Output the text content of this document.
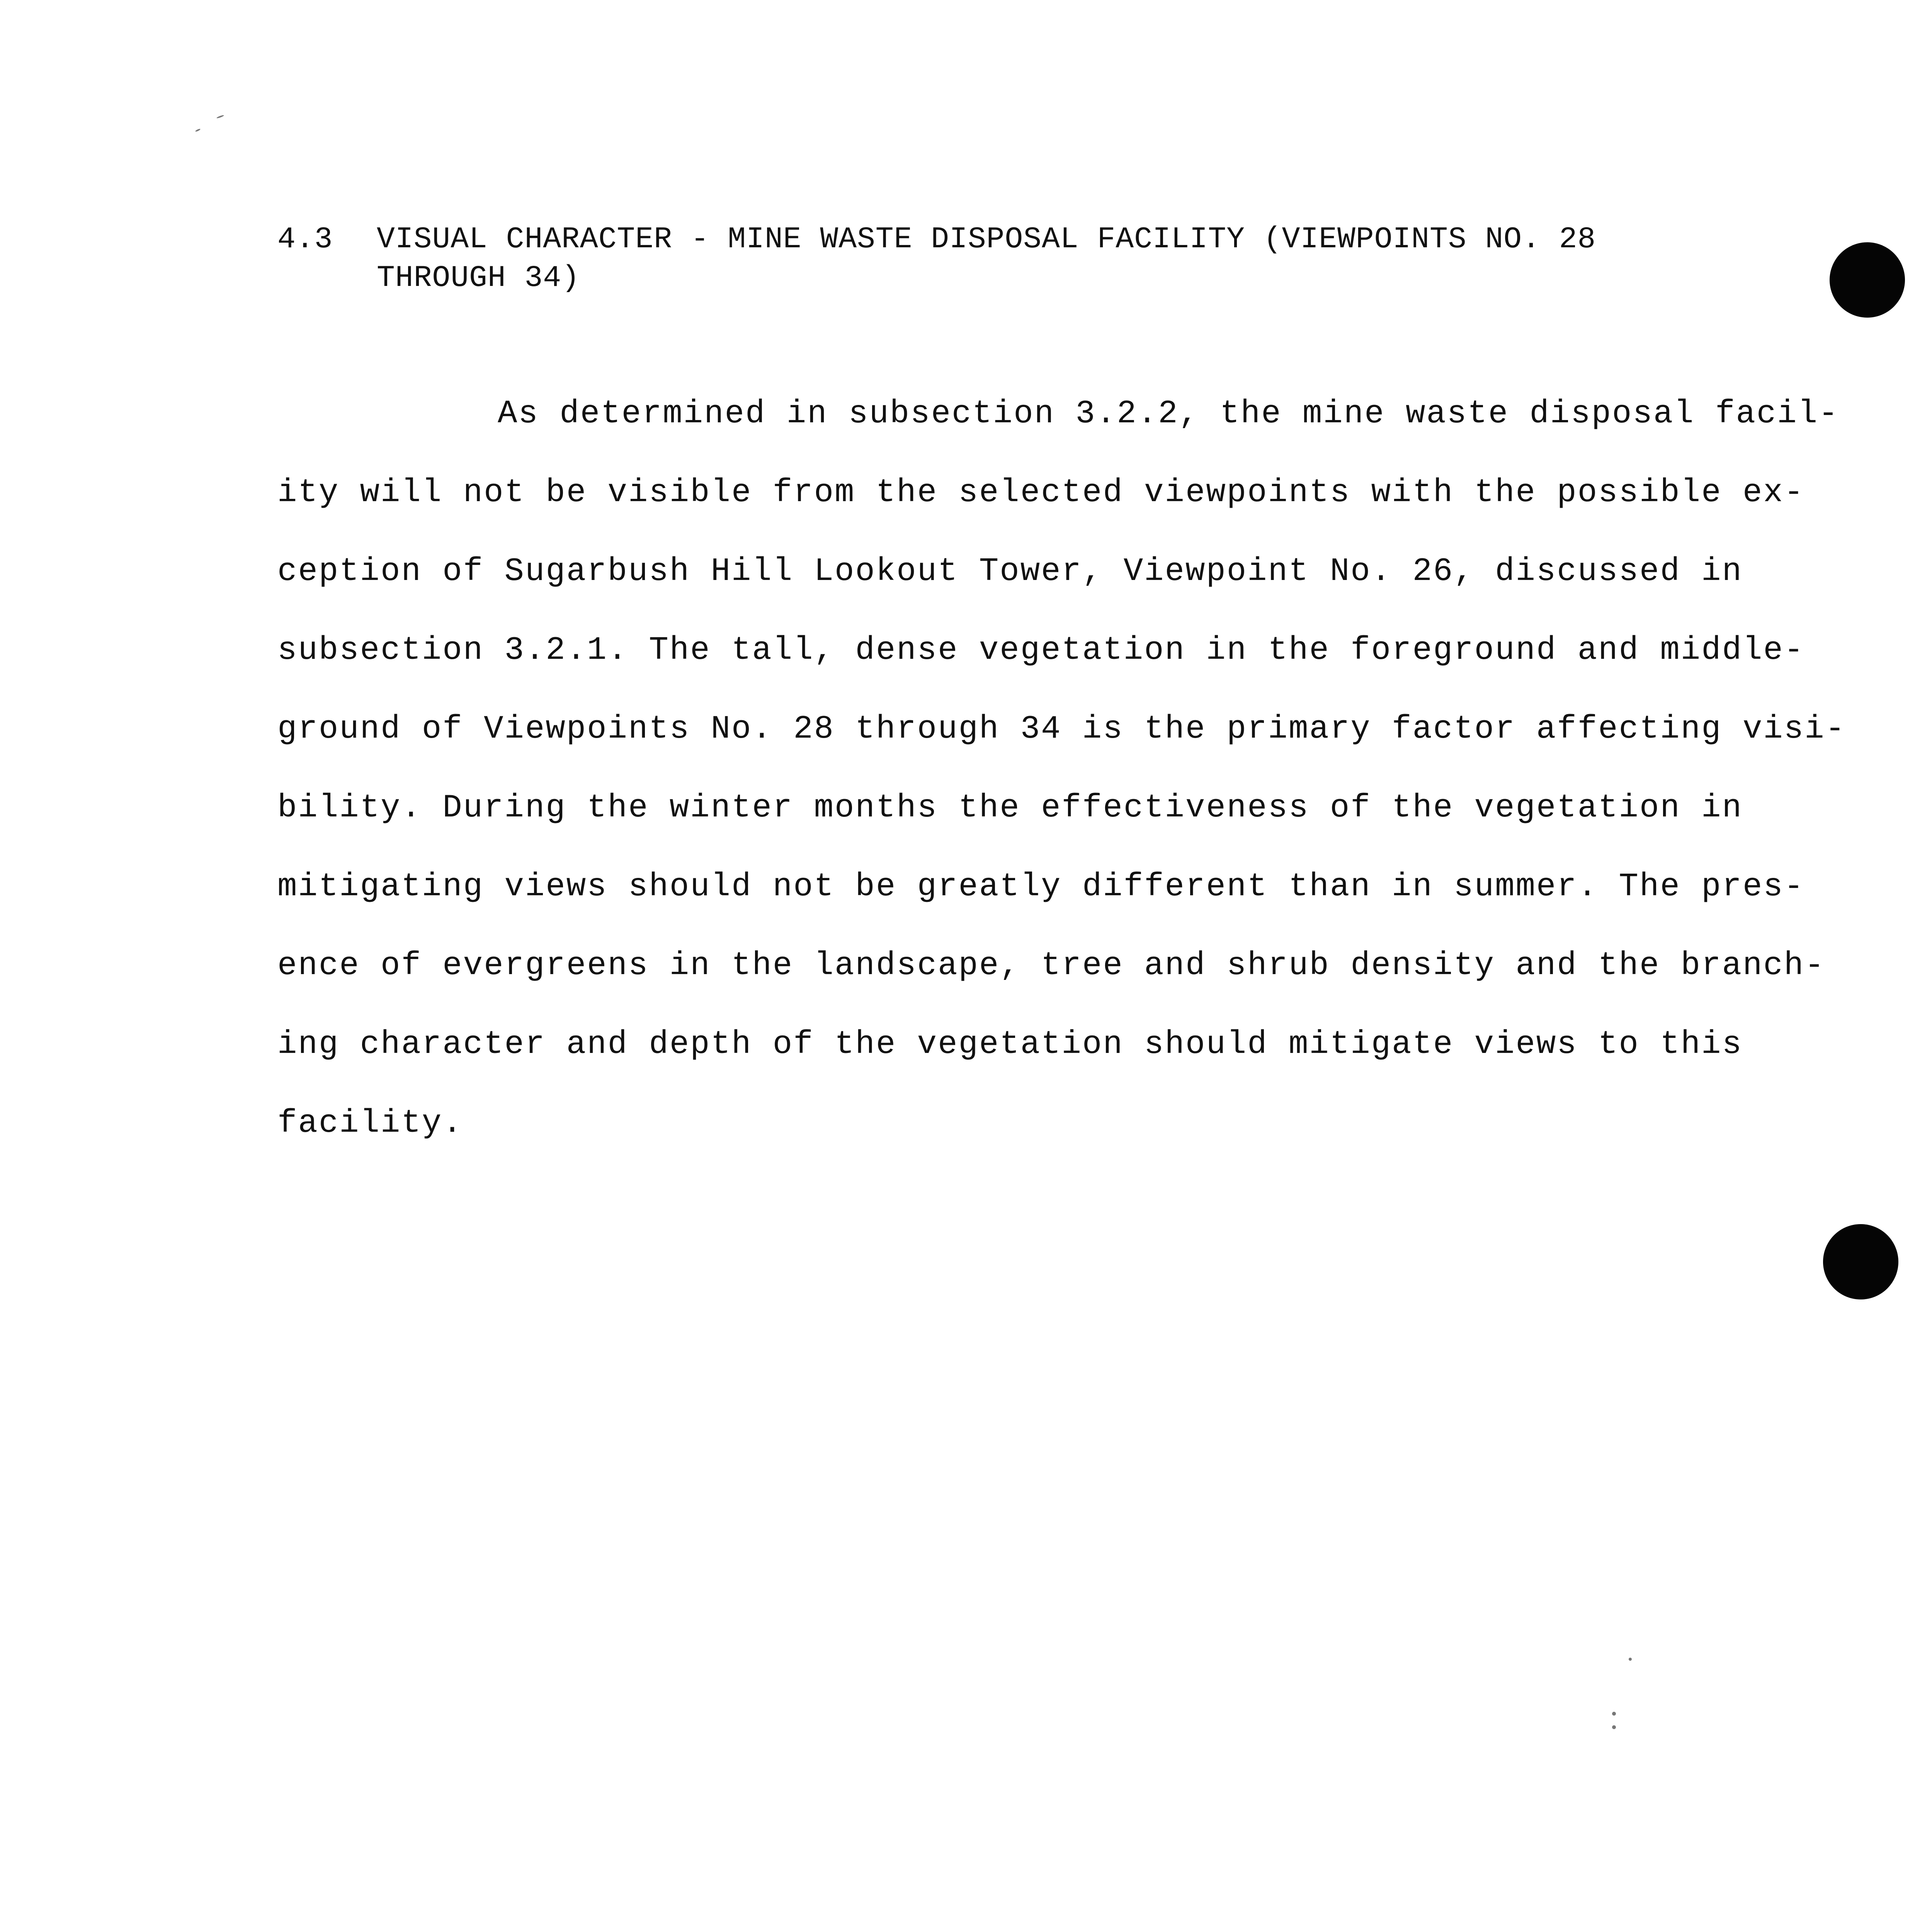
4.3 VISUAL CHARACTER - MINE WASTE DISPOSAL FACILITY (VIEWPOINTS NO. 28 THROUGH 34)
As determined in subsection 3.2.2, the mine waste disposal facil-
ity will not be visible from the selected viewpoints with the possible ex-
ception of Sugarbush Hill Lookout Tower, Viewpoint No. 26, discussed in
subsection 3.2.1. The tall, dense vegetation in the foreground and middle-
ground of Viewpoints No. 28 through 34 is the primary factor affecting visi-
bility. During the winter months the effectiveness of the vegetation in
mitigating views should not be greatly different than in summer. The pres-
ence of evergreens in the landscape, tree and shrub density and the branch-
ing character and depth of the vegetation should mitigate views to this
facility.
